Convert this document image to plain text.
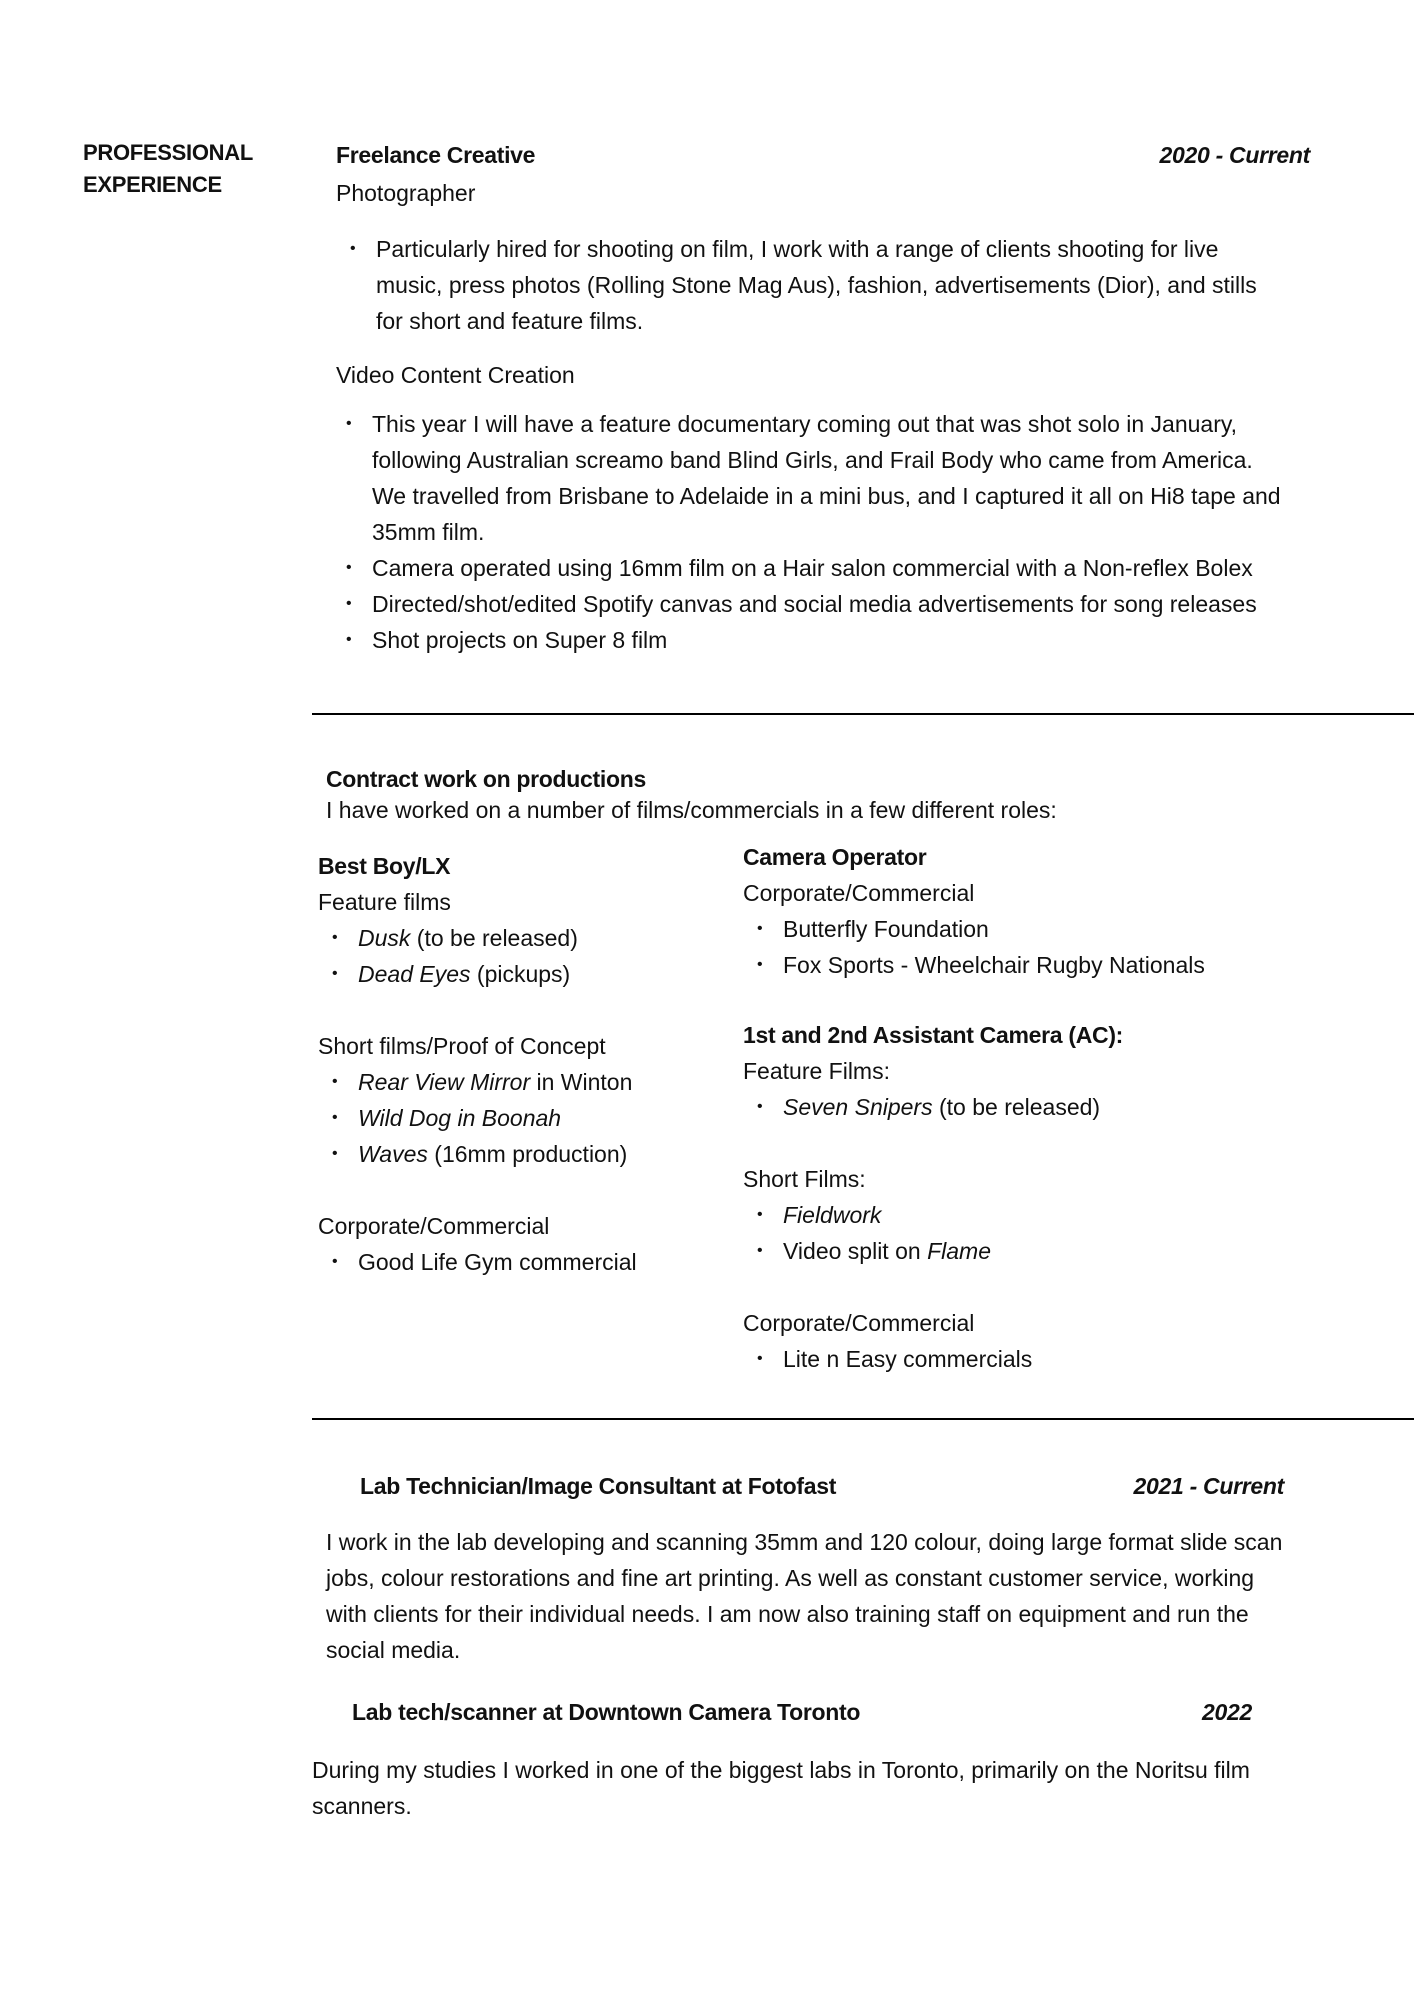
PROFESSIONAL
EXPERIENCE
Freelance Creative	2020 - Current
Photographer
• Particularly hired for shooting on film, I work with a range of clients shooting for live music, press photos (Rolling Stone Mag Aus), fashion, advertisements (Dior), and stills for short and feature films.
Video Content Creation
• This year I will have a feature documentary coming out that was shot solo in January, following Australian screamo band Blind Girls, and Frail Body who came from America. We travelled from Brisbane to Adelaide in a mini bus, and I captured it all on Hi8 tape and 35mm film.
• Camera operated using 16mm film on a Hair salon commercial with a Non-reflex Bolex
• Directed/shot/edited Spotify canvas and social media advertisements for song releases
• Shot projects on Super 8 film
Contract work on productions
I have worked on a number of films/commercials in a few different roles:
Best Boy/LX
Feature films
• Dusk (to be released)
• Dead Eyes (pickups)
Short films/Proof of Concept
• Rear View Mirror in Winton
• Wild Dog in Boonah
• Waves (16mm production)
Corporate/Commercial
• Good Life Gym commercial
Camera Operator
Corporate/Commercial
• Butterfly Foundation
• Fox Sports - Wheelchair Rugby Nationals
1st and 2nd Assistant Camera (AC):
Feature Films:
• Seven Snipers (to be released)
Short Films:
• Fieldwork
• Video split on Flame
Corporate/Commercial
• Lite n Easy commercials
Lab Technician/Image Consultant at Fotofast	2021 - Current
I work in the lab developing and scanning 35mm and 120 colour, doing large format slide scan jobs, colour restorations and fine art printing. As well as constant customer service, working with clients for their individual needs. I am now also training staff on equipment and run the social media.
Lab tech/scanner at Downtown Camera Toronto	2022
During my studies I worked in one of the biggest labs in Toronto, primarily on the Noritsu film scanners.
